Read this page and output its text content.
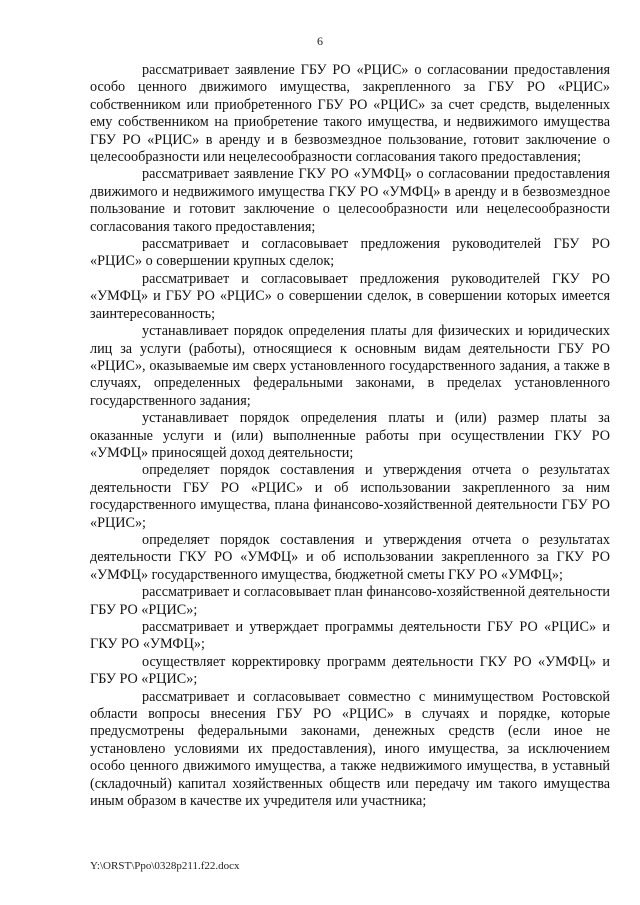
6

рассматривает заявление ГБУ РО «РЦИС» о согласовании предоставления особо ценного движимого имущества, закрепленного за ГБУ РО «РЦИС» собственником или приобретенного ГБУ РО «РЦИС» за счет средств, выделенных ему собственником на приобретение такого имущества, и недвижимого имущества ГБУ РО «РЦИС» в аренду и в безвозмездное пользование, готовит заключение о целесообразности или нецелесообразности согласования такого предоставления;

рассматривает заявление ГКУ РО «УМФЦ» о согласовании предоставления движимого и недвижимого имущества ГКУ РО «УМФЦ» в аренду и в безвозмездное пользование и готовит заключение о целесообразности или нецелесообразности согласования такого предоставления;

рассматривает и согласовывает предложения руководителей ГБУ РО «РЦИС» о совершении крупных сделок;

рассматривает и согласовывает предложения руководителей ГКУ РО «УМФЦ» и ГБУ РО «РЦИС» о совершении сделок, в совершении которых имеется заинтересованность;

устанавливает порядок определения платы для физических и юридических лиц за услуги (работы), относящиеся к основным видам деятельности ГБУ РО «РЦИС», оказываемые им сверх установленного государственного задания, а также в случаях, определенных федеральными законами, в пределах установленного государственного задания;

устанавливает порядок определения платы и (или) размер платы за оказанные услуги и (или) выполненные работы при осуществлении ГКУ РО «УМФЦ» приносящей доход деятельности;

определяет порядок составления и утверждения отчета о результатах деятельности ГБУ РО «РЦИС» и об использовании закрепленного за ним государственного имущества, плана финансово-хозяйственной деятельности ГБУ РО «РЦИС»;

определяет порядок составления и утверждения отчета о результатах деятельности ГКУ РО «УМФЦ» и об использовании закрепленного за ГКУ РО «УМФЦ» государственного имущества, бюджетной сметы ГКУ РО «УМФЦ»;

рассматривает и согласовывает план финансово-хозяйственной деятельности ГБУ РО «РЦИС»;

рассматривает и утверждает программы деятельности ГБУ РО «РЦИС» и ГКУ РО «УМФЦ»;

осуществляет корректировку программ деятельности ГКУ РО «УМФЦ» и ГБУ РО «РЦИС»;

рассматривает и согласовывает совместно с минимуществом Ростовской области вопросы внесения ГБУ РО «РЦИС» в случаях и порядке, которые предусмотрены федеральными законами, денежных средств (если иное не установлено условиями их предоставления), иного имущества, за исключением особо ценного движимого имущества, а также недвижимого имущества, в уставный (складочный) капитал хозяйственных обществ или передачу им такого имущества иным образом в качестве их учредителя или участника;

Y:\ORST\Ppo\0328p211.f22.docx
